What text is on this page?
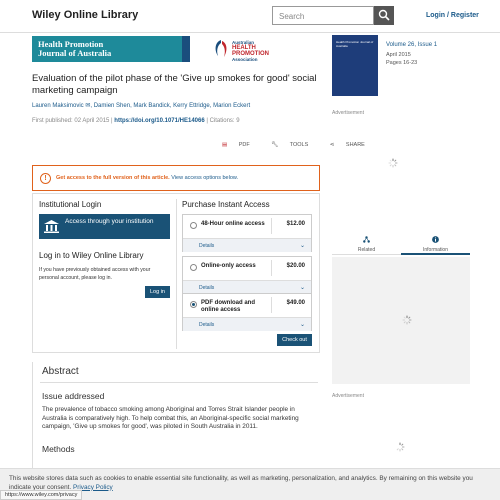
Wiley Online Library	Search	Login / Register
Health Promotion
Journal of Australia
Australian
HEALTH
PROMOTION
Association
Evaluation of the pilot phase of the 'Give up smokes for good' social marketing campaign
Lauren Maksimovic ✉, Damien Shen, Mark Bandick, Kerry Ettridge, Marion Eckert
First published: 02 April 2015 | https://doi.org/10.1071/HE14066 | Citations: 9
▤ PDF	🔧︎ TOOLS	⋖ SHARE
!	Get access to the full version of this article. View access options below.
Institutional Login
Access through your institution
Log in to Wiley Online Library
If you have previously obtained access with your personal account, please log in.
Log in
Purchase Instant Access
48-Hour online access	$12.00
Details	⌄
Online-only access	$20.00
Details	⌄
PDF download and online access
$49.00
Details	⌄
Check out
Abstract
Issue addressed
The prevalence of tobacco smoking among Aboriginal and Torres Strait Islander people in Australia is comparatively high. To help combat this, an Aboriginal-specific social marketing campaign, 'Give up smokes for good', was piloted in South Australia in 2011.
Methods
Health Promotion Journal of Australia	Volume 26, Issue 1
April 2015
Pages 16-23
Advertisement
Related	Information
Advertisement
This website stores data such as cookies to enable essential site functionality, as well as marketing, personalization, and analytics. By remaining on this website you indicate your consent. Privacy Policy
https://www.wiley.com/privacy
